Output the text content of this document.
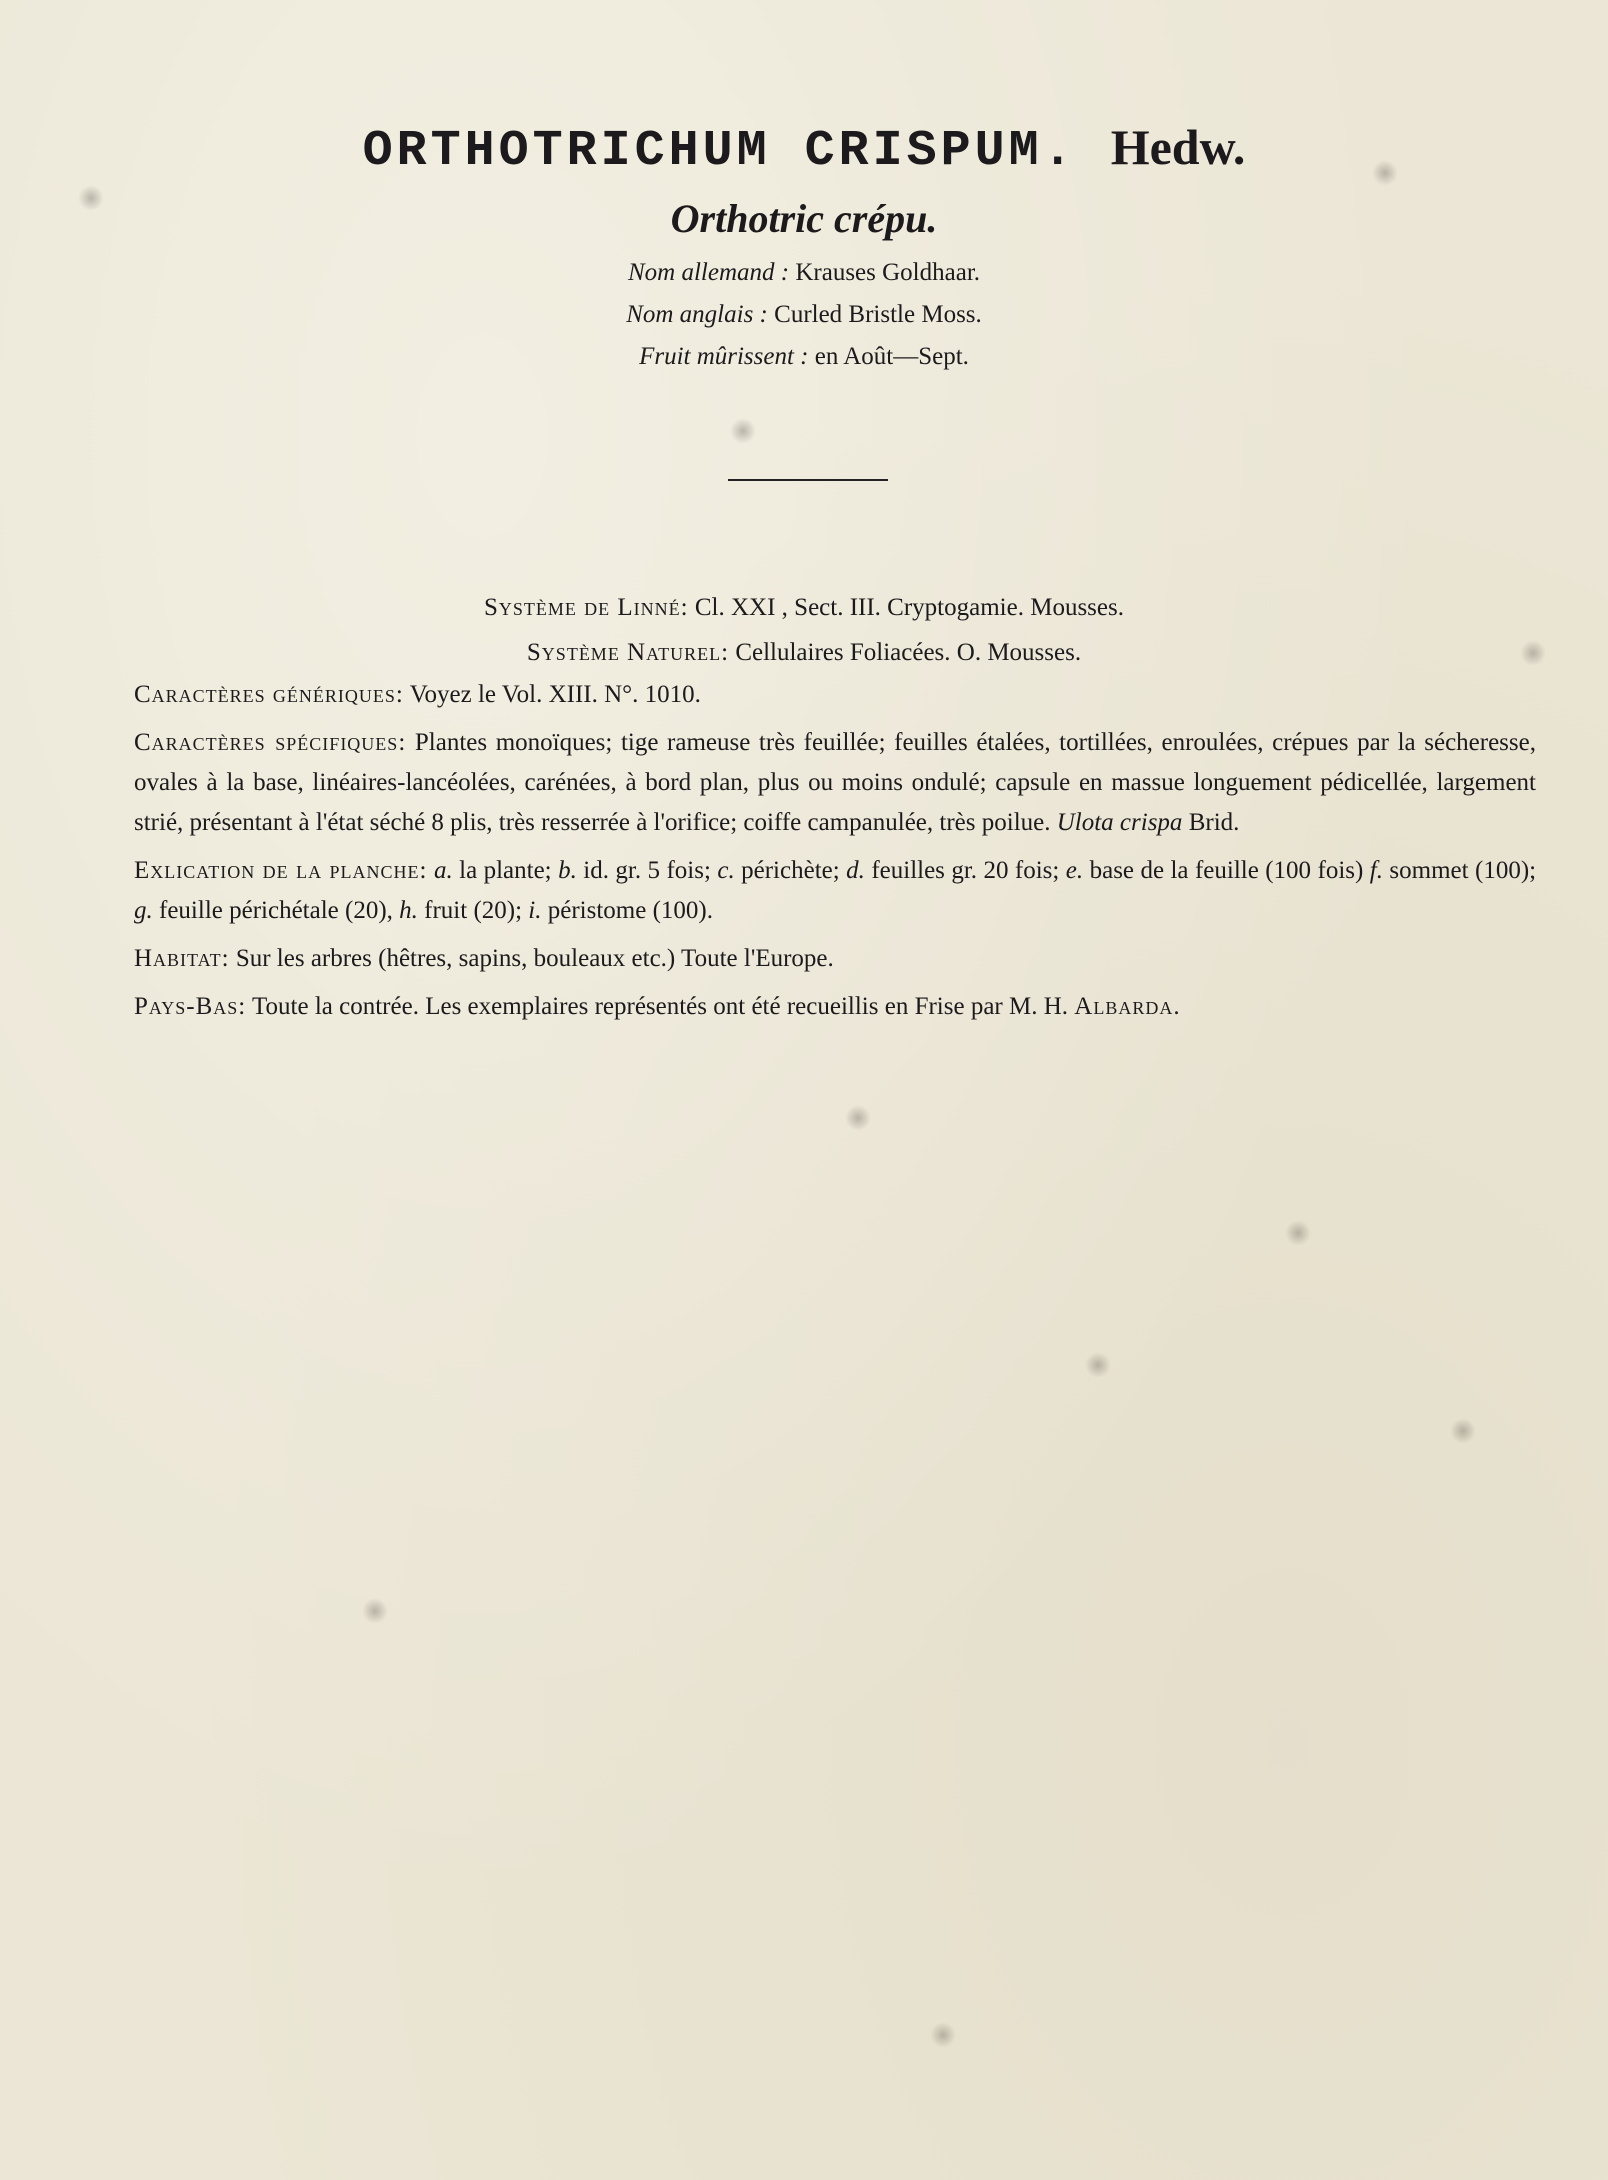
ORTHOTRICHUM CRISPUM. Hedw.
Orthotric crépu.
Nom allemand : Krauses Goldhaar.
Nom anglais : Curled Bristle Moss.
Fruit mûrissent : en Août—Sept.
Système de Linné: Cl. XXI , Sect. III. Cryptogamie. Mousses.
Système Naturel: Cellulaires Foliacées. O. Mousses.

Caractères génériques: Voyez le Vol. XIII. N°. 1010.

Caractères spécifiques: Plantes monoïques; tige rameuse très feuillée; feuilles étalées, tortillées, enroulées, crépues par la sécheresse, ovales à la base, linéaires-lancéolées, carénées, à bord plan, plus ou moins ondulé; capsule en massue longuement pédicellée, largement strié, présentant à l'état séché 8 plis, très resserrée à l'orifice; coiffe campanulée, très poilue. Ulota crispa Brid.

Exlication de la planche: a. la plante; b. id. gr. 5 fois; c. périchète; d. feuilles gr. 20 fois; e. base de la feuille (100 fois) f. sommet (100); g. feuille périchétale (20), h. fruit (20); i. péristome (100).

Habitat: Sur les arbres (hêtres, sapins, bouleaux etc.) Toute l'Europe.

Pays-Bas: Toute la contrée. Les exemplaires représentés ont été recueillis en Frise par M. H. Albarda.
